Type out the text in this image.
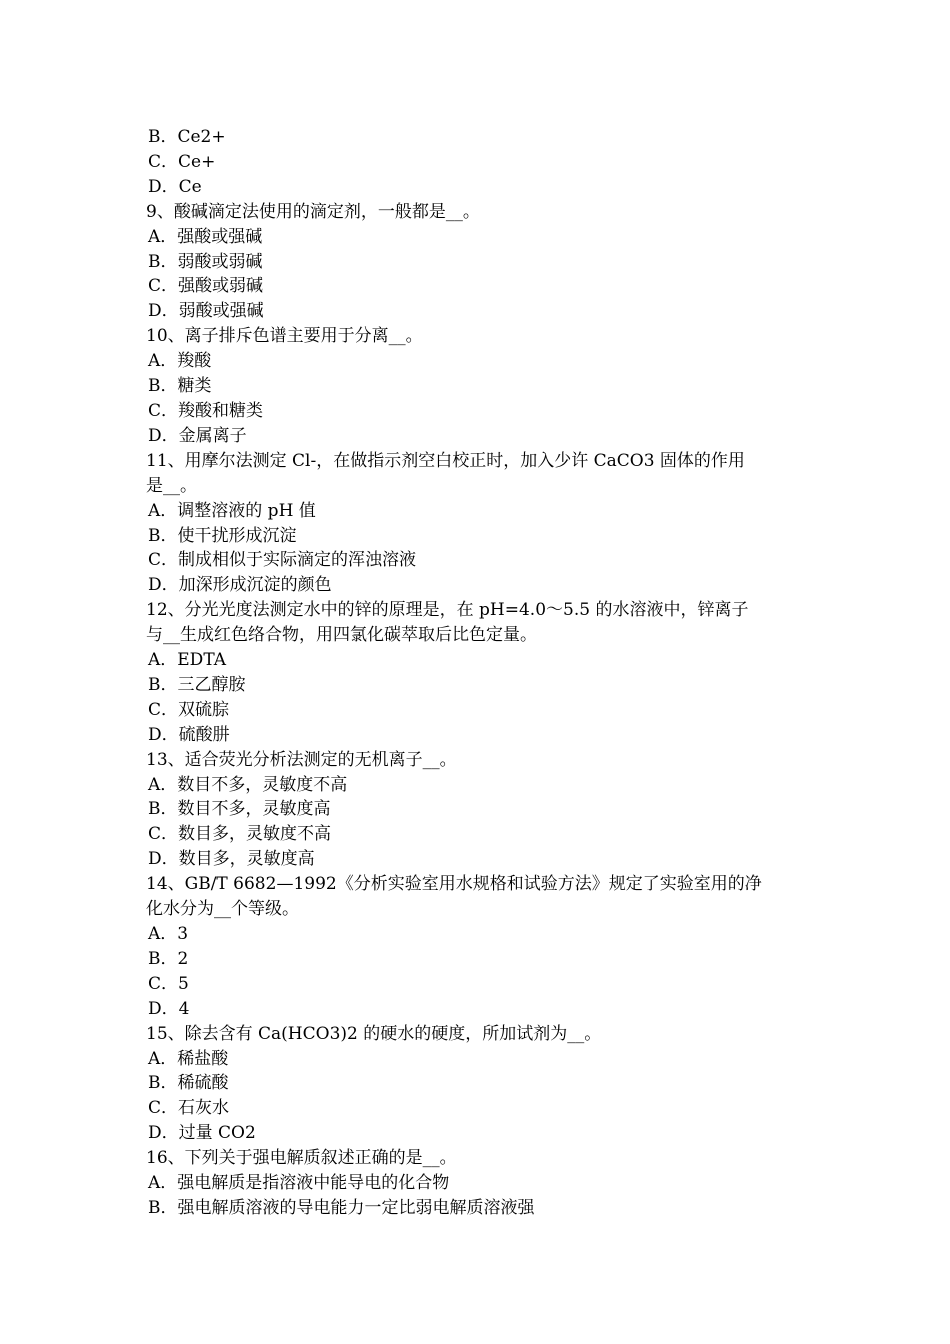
B．Ce2+

C．Ce+

D．Ce

9、酸碱滴定法使用的滴定剂，一般都是__。

A．强酸或强碱

B．弱酸或弱碱

C．强酸或弱碱

D．弱酸或强碱

10、离子排斥色谱主要用于分离__。

A．羧酸

B．糖类

C．羧酸和糖类

D．金属离子

11、用摩尔法测定 Cl-，在做指示剂空白校正时，加入少许 CaCO3 固体的作用

是__。

A．调整溶液的 pH 值

B．使干扰形成沉淀

C．制成相似于实际滴定的浑浊溶液

D．加深形成沉淀的颜色

12、分光光度法测定水中的锌的原理是，在 pH=4.0～5.5 的水溶液中，锌离子

与__生成红色络合物，用四氯化碳萃取后比色定量。

A．EDTA

B．三乙醇胺

C．双硫腙

D．硫酸肼

13、适合荧光分析法测定的无机离子__。

A．数目不多，灵敏度不高

B．数目不多，灵敏度高

C．数目多，灵敏度不高

D．数目多，灵敏度高

14、GB/T 6682—1992《分析实验室用水规格和试验方法》规定了实验室用的净

化水分为__个等级。

A．3

B．2

C．5

D．4

15、除去含有 Ca(HCO3)2 的硬水的硬度，所加试剂为__。

A．稀盐酸

B．稀硫酸

C．石灰水

D．过量 CO2

16、下列关于强电解质叙述正确的是__。

A．强电解质是指溶液中能导电的化合物

B．强电解质溶液的导电能力一定比弱电解质溶液强
